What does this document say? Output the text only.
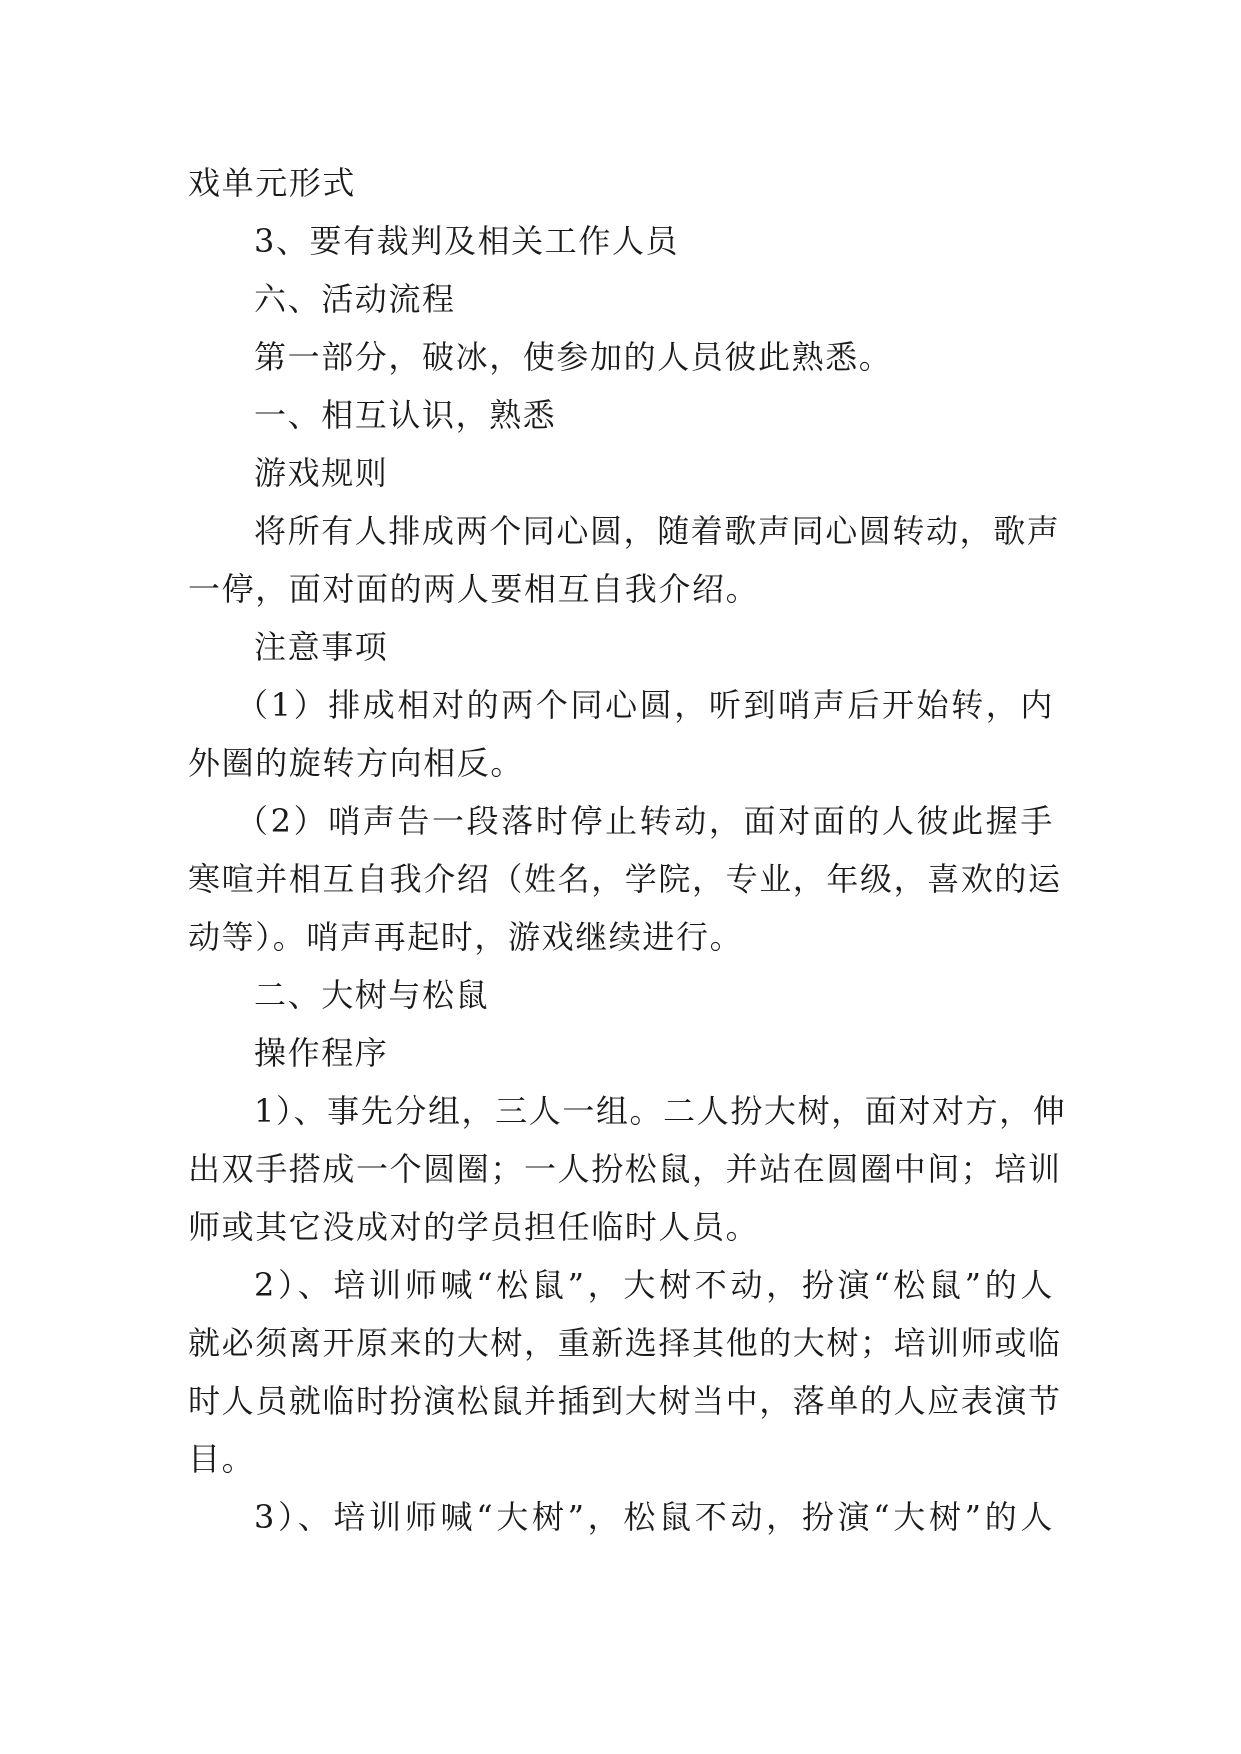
戏单元形式
3、要有裁判及相关工作人员
六、活动流程
第一部分，破冰，使参加的人员彼此熟悉。
一、相互认识，熟悉
游戏规则
将所有人排成两个同心圆，随着歌声同心圆转动，歌声
一停，面对面的两人要相互自我介绍。
注意事项
（1）排成相对的两个同心圆，听到哨声后开始转，内
外圈的旋转方向相反。
（2）哨声告一段落时停止转动，面对面的人彼此握手
寒喧并相互自我介绍（姓名，学院，专业，年级，喜欢的运
动等）。哨声再起时，游戏继续进行。
二、大树与松鼠
操作程序
1）、事先分组，三人一组。二人扮大树，面对对方，伸
出双手搭成一个圆圈；一人扮松鼠，并站在圆圈中间；培训
师或其它没成对的学员担任临时人员。
2）、培训师喊“松鼠”，大树不动，扮演“松鼠”的人
就必须离开原来的大树，重新选择其他的大树；培训师或临
时人员就临时扮演松鼠并插到大树当中，落单的人应表演节
目。
3）、培训师喊“大树”，松鼠不动，扮演“大树”的人
